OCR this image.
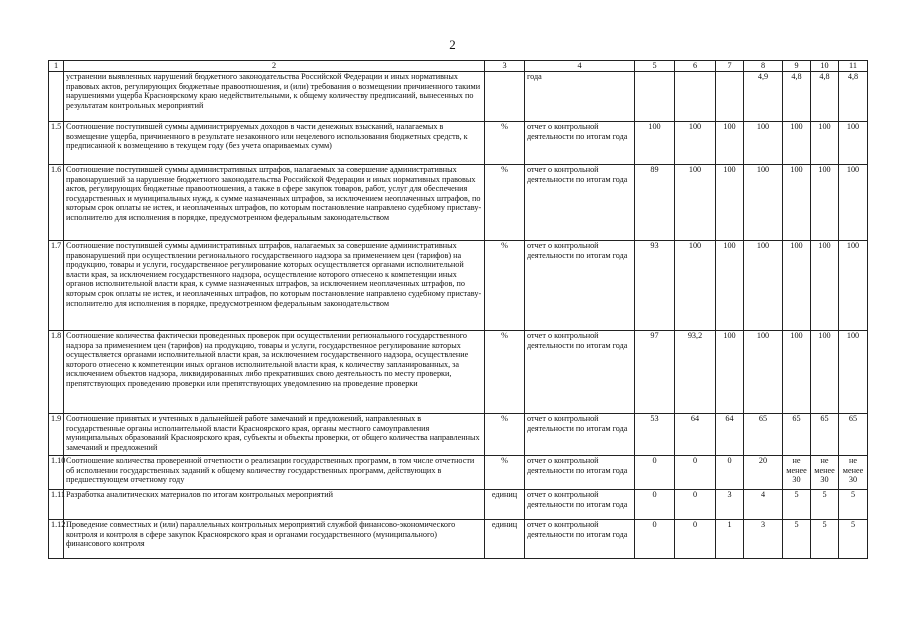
2
1	2	3	4	5	6	7	8	9	10	11
	устранении выявленных нарушений бюджетного законодательства Российской Федерации и иных нормативных правовых актов, регулирующих бюджетные правоотношения, и (или) требования о возмещении причиненного такими нарушениями ущерба Красноярскому краю недействительными, к общему количеству предписаний, вынесенных по результатам контрольных мероприятий		года				4,9	4,8	4,8	4,8
1.5	Соотношение поступившей суммы администрируемых доходов в части денежных взысканий, налагаемых в возмещение ущерба, причиненного в результате незаконного или нецелевого использования бюджетных средств, к предписанной к возмещению в текущем году (без учета опариваемых сумм)	%	отчет о контрольной деятельности по итогам года	100	100	100	100	100	100	100
1.6	Соотношение поступившей суммы административных штрафов, налагаемых за совершение административных правонарушений за нарушение бюджетного законодательства Российской Федерации и иных нормативных правовых актов, регулирующих бюджетные правоотношения, а также в сфере закупок товаров, работ, услуг для обеспечения государственных и муниципальных нужд, к сумме назначенных штрафов, за исключением неоплаченных штрафов, по которым срок оплаты не истек, и неоплаченных штрафов, по которым постановление направлено судебному приставу-исполнителю для исполнения в порядке, предусмотренном федеральным законодательством	%	отчет о контрольной деятельности по итогам года	89	100	100	100	100	100	100
1.7	Соотношение поступившей суммы административных штрафов, налагаемых за совершение административных правонарушений при осуществлении регионального государственного надзора за применением цен (тарифов) на продукцию, товары и услуги, государственное регулирование которых осуществляется органами исполнительной власти края, за исключением государственного надзора, осуществление которого отнесено к компетенции иных органов исполнительной власти края, к сумме назначенных штрафов, за исключением неоплаченных штрафов, по которым срок оплаты не истек, и неоплаченных штрафов, по которым постановление направлено судебному приставу-исполнителю для исполнения в порядке, предусмотренном федеральным законодательством	%	отчет о контрольной деятельности по итогам года	93	100	100	100	100	100	100
1.8	Соотношение количества фактически проведенных проверок при осуществлении регионального государственного надзора за применением цен (тарифов) на продукцию, товары и услуги, государственное регулирование которых осуществляется органами исполнительной власти края, за исключением государственного надзора, осуществление которого отнесено к компетенции иных органов исполнительной власти края, к количеству запланированных, за исключением объектов надзора, ликвидированных либо прекративших свою деятельность по месту проверки, препятствующих проведению проверки или препятствующих уведомлению на проведение проверки	%	отчет о контрольной деятельности по итогам года	97	93,2	100	100	100	100	100
1.9	Соотношение принятых и учтенных в дальнейшей работе замечаний и предложений, направленных в государственные органы исполнительной власти Красноярского края, органы местного самоуправления муниципальных образований Красноярского края, субъекты и объекты проверки, от общего количества направленных замечаний и предложений	%	отчет о контрольной деятельности по итогам года	53	64	64	65	65	65	65
1.10	Соотношение количества проверенной отчетности о реализации государственных программ, в том числе отчетности об исполнении государственных заданий к общему количеству государственных программ, действующих в предшествующем отчетному году	%	отчет о контрольной деятельности по итогам года	0	0	0	20	не менее 30	не менее 30	не менее 30
1.11	Разработка аналитических материалов по итогам контрольных мероприятий	единиц	отчет о контрольной деятельности по итогам года	0	0	3	4	5	5	5
1.12	Проведение совместных и (или) параллельных контрольных мероприятий службой финансово-экономического контроля и контроля в сфере закупок Красноярского края и органами государственного (муниципального) финансового контроля	единиц	отчет о контрольной деятельности по итогам года	0	0	1	3	5	5	5
